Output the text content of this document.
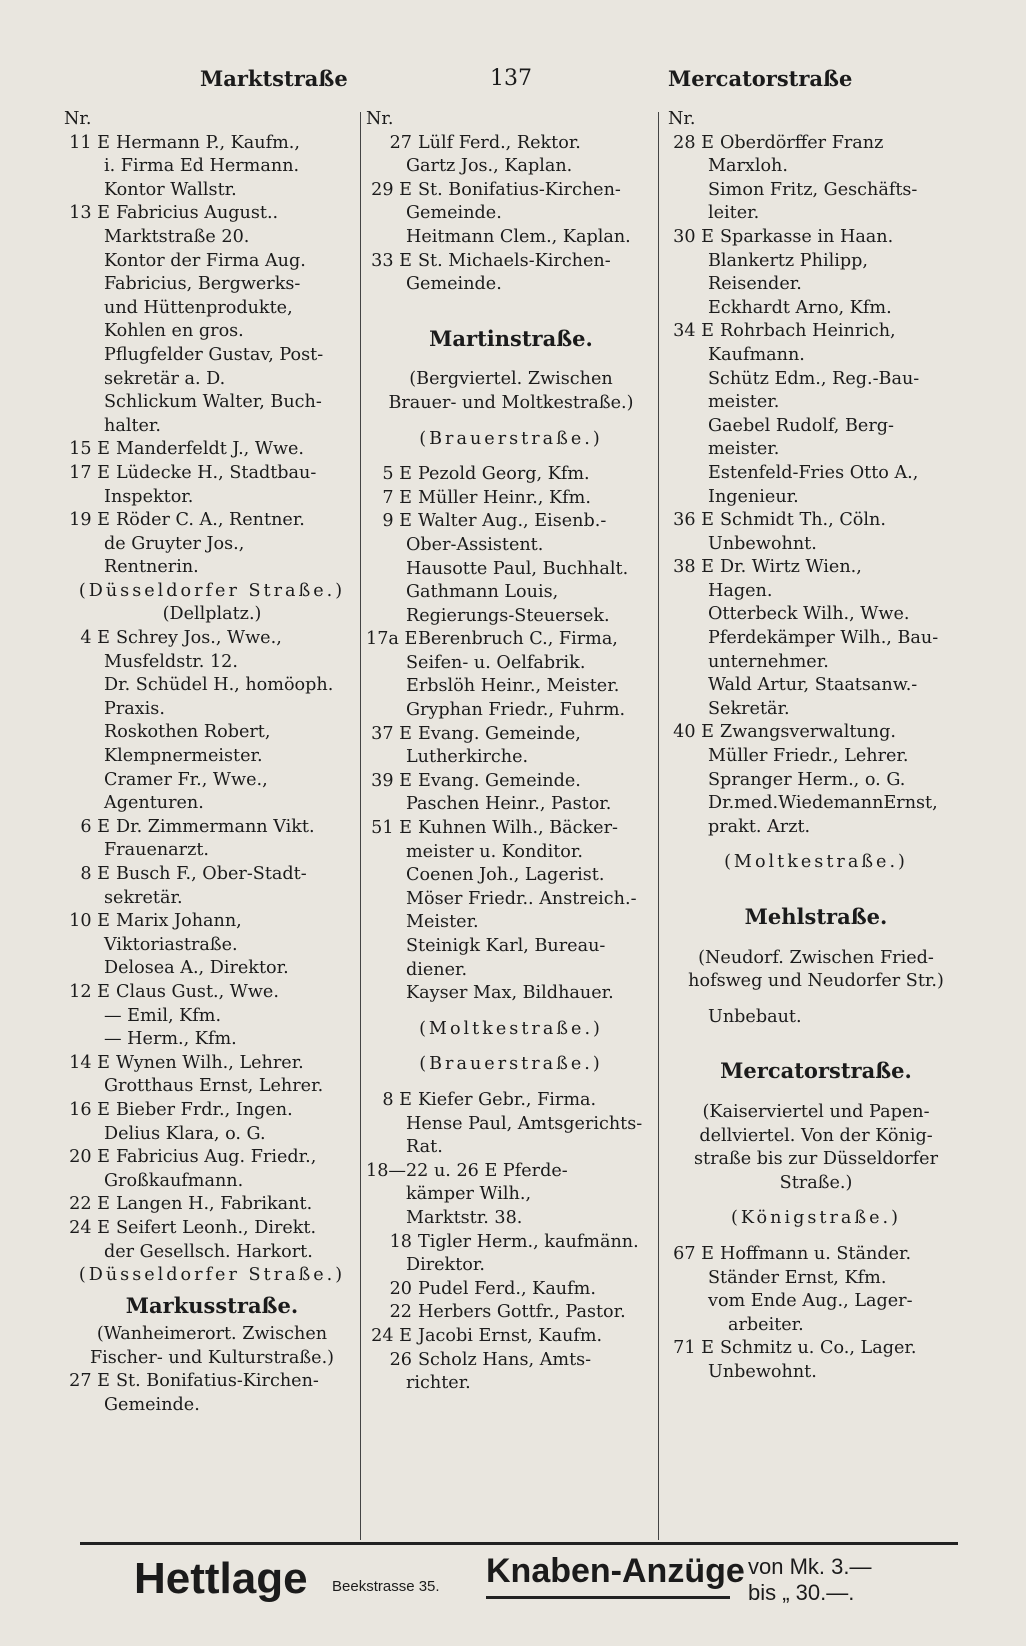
Marktstraße	137	Mercatorstraße
Nr.
11 E Hermann P., Kaufm.,
i. Firma Ed Hermann.
Kontor Wallstr.
13 E Fabricius August..
Marktstraße 20.
Kontor der Firma Aug.
Fabricius, Bergwerks-
und Hüttenprodukte,
Kohlen en gros.
Pflugfelder Gustav, Post-
sekretär a. D.
Schlickum Walter, Buch-
halter.
15 E Manderfeldt J., Wwe.
17 E Lüdecke H., Stadtbau-
Inspektor.
19 E Röder C. A., Rentner.
de Gruyter Jos.,
Rentnerin.
(Düsseldorfer Straße.)
(Dellplatz.)
4 E Schrey Jos., Wwe.,
Musfeldstr. 12.
Dr. Schüdel H., homöoph.
Praxis.
Roskothen Robert,
Klempnermeister.
Cramer Fr., Wwe.,
Agenturen.
6 E Dr. Zimmermann Vikt.
Frauenarzt.
8 E Busch F., Ober-Stadt-
sekretär.
10 E Marix Johann,
Viktoriastraße.
Delosea A., Direktor.
12 E Claus Gust., Wwe.
— Emil, Kfm.
— Herm., Kfm.
14 E Wynen Wilh., Lehrer.
Grotthaus Ernst, Lehrer.
16 E Bieber Frdr., Ingen.
Delius Klara, o. G.
20 E Fabricius Aug. Friedr.,
Großkaufmann.
22 E Langen H., Fabrikant.
24 E Seifert Leonh., Direkt.
der Gesellsch. Harkort.
(Düsseldorfer Straße.)
Markusstraße.
(Wanheimerort. Zwischen
Fischer- und Kulturstraße.)
27 E St. Bonifatius-Kirchen-
Gemeinde.
Nr.
27 Lülf Ferd., Rektor.
Gartz Jos., Kaplan.
29 E St. Bonifatius-Kirchen-
Gemeinde.
Heitmann Clem., Kaplan.
33 E St. Michaels-Kirchen-
Gemeinde.
Martinstraße.
(Bergviertel. Zwischen
Brauer- und Moltkestraße.)
(Brauerstraße.)
5 E Pezold Georg, Kfm.
7 E Müller Heinr., Kfm.
9 E Walter Aug., Eisenb.-
Ober-Assistent.
Hausotte Paul, Buchhalt.
Gathmann Louis,
Regierungs-Steuersek.
17a EBerenbruch C., Firma,
Seifen- u. Oelfabrik.
Erbslöh Heinr., Meister.
Gryphan Friedr., Fuhrm.
37 E Evang. Gemeinde,
Lutherkirche.
39 E Evang. Gemeinde.
Paschen Heinr., Pastor.
51 E Kuhnen Wilh., Bäcker-
meister u. Konditor.
Coenen Joh., Lagerist.
Möser Friedr.. Anstreich.-
Meister.
Steinigk Karl, Bureau-
diener.
Kayser Max, Bildhauer.
(Moltkestraße.)
(Brauerstraße.)
8 E Kiefer Gebr., Firma.
Hense Paul, Amtsgerichts-
Rat.
18—22 u. 26 E Pferde-
kämper Wilh.,
Marktstr. 38.
18 Tigler Herm., kaufmänn.
Direktor.
20 Pudel Ferd., Kaufm.
22 Herbers Gottfr., Pastor.
24 E Jacobi Ernst, Kaufm.
26 Scholz Hans, Amts-
richter.
Nr.
28 E Oberdörffer Franz
Marxloh.
Simon Fritz, Geschäfts-
leiter.
30 E Sparkasse in Haan.
Blankertz Philipp,
Reisender.
Eckhardt Arno, Kfm.
34 E Rohrbach Heinrich,
Kaufmann.
Schütz Edm., Reg.-Bau-
meister.
Gaebel Rudolf, Berg-
meister.
Estenfeld-Fries Otto A.,
Ingenieur.
36 E Schmidt Th., Cöln.
Unbewohnt.
38 E Dr. Wirtz Wien.,
Hagen.
Otterbeck Wilh., Wwe.
Pferdekämper Wilh., Bau-
unternehmer.
Wald Artur, Staatsanw.-
Sekretär.
40 E Zwangsverwaltung.
Müller Friedr., Lehrer.
Spranger Herm., o. G.
Dr.med.WiedemannErnst,
prakt. Arzt.
(Moltkestraße.)
Mehlstraße.
(Neudorf. Zwischen Fried-
hofsweg und Neudorfer Str.)
Unbebaut.
Mercatorstraße.
(Kaiserviertel und Papen-
dellviertel. Von der König-
straße bis zur Düsseldorfer
Straße.)
(Königstraße.)
67 E Hoffmann u. Ständer.
Ständer Ernst, Kfm.
vom Ende Aug., Lager-
arbeiter.
71 E Schmitz u. Co., Lager.
Unbewohnt.
Hettlage Beekstrasse 35. Knaben-Anzüge von Mk. 3.—
bis „ 30.—.
